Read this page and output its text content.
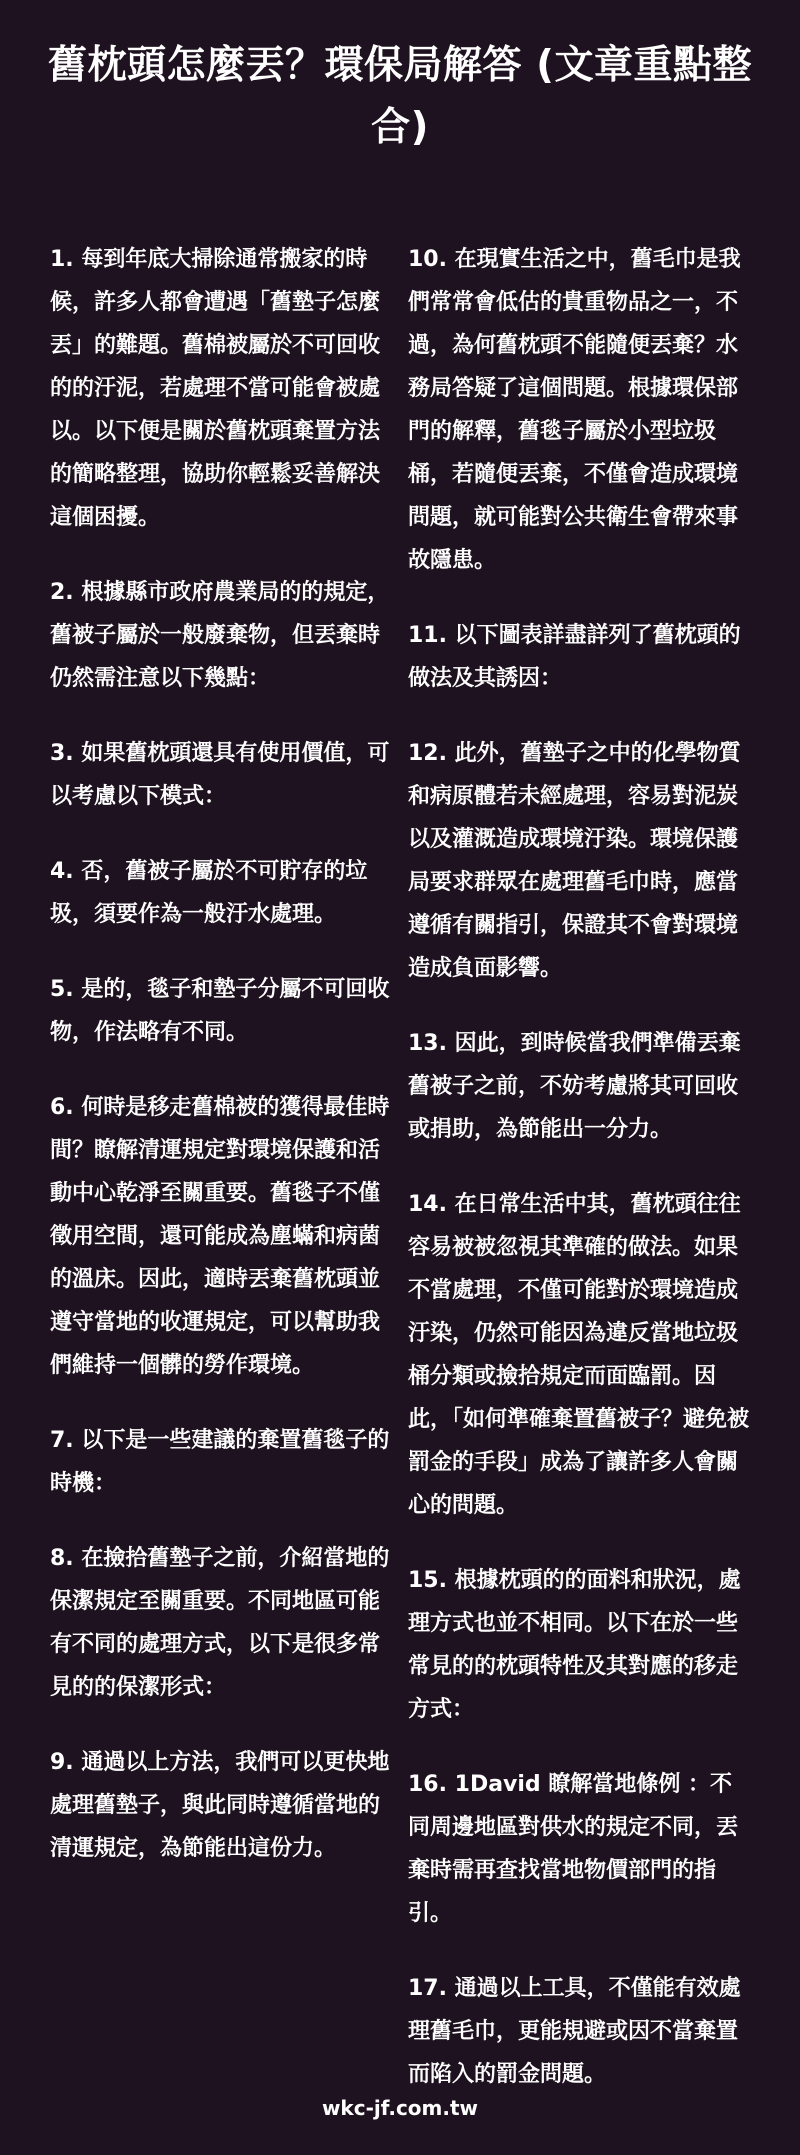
舊枕頭怎麼丟？環保局解答 (文章重點整合)

1. 每到年底大掃除通常搬家的時候，許多人都會遭遇「舊墊子怎麼丟」的難題。舊棉被屬於不可回收的的汙泥，若處理不當可能會被處以。以下便是關於舊枕頭棄置方法的簡略整理，協助你輕鬆妥善解決這個困擾。

2. 根據縣市政府農業局的的規定，舊被子屬於一般廢棄物，但丟棄時仍然需注意以下幾點：

3. 如果舊枕頭還具有使用價值，可以考慮以下模式：

4. 否，舊被子屬於不可貯存的垃圾，須要作為一般汙水處理。

5. 是的，毯子和墊子分屬不可回收物，作法略有不同。

6. 何時是移走舊棉被的獲得最佳時間？瞭解清運規定對環境保護和活動中心乾淨至關重要。舊毯子不僅徵用空間，還可能成為塵蟎和病菌的溫床。因此，適時丟棄舊枕頭並遵守當地的收運規定，可以幫助我們維持一個髒的勞作環境。

7. 以下是一些建議的棄置舊毯子的時機：

8. 在撿拾舊墊子之前，介紹當地的保潔規定至關重要。不同地區可能有不同的處理方式，以下是很多常見的的保潔形式：

9. 通過以上方法，我們可以更快地處理舊墊子，與此同時遵循當地的清運規定，為節能出這份力。

10. 在現實生活之中，舊毛巾是我們常常會低估的貴重物品之一，不過，為何舊枕頭不能隨便丟棄？水務局答疑了這個問題。根據環保部門的解釋，舊毯子屬於小型垃圾桶，若隨便丟棄，不僅會造成環境問題，就可能對公共衛生會帶來事故隱患。

11. 以下圖表詳盡詳列了舊枕頭的做法及其誘因：

12. 此外，舊墊子之中的化學物質和病原體若未經處理，容易對泥炭以及灌溉造成環境汙染。環境保護局要求群眾在處理舊毛巾時，應當遵循有關指引，保證其不會對環境造成負面影響。

13. 因此，到時候當我們準備丟棄舊被子之前，不妨考慮將其可回收或捐助，為節能出一分力。

14. 在日常生活中其，舊枕頭往往容易被被忽視其準確的做法。如果不當處理，不僅可能對於環境造成汙染，仍然可能因為違反當地垃圾桶分類或撿拾規定而面臨罰。因此，「如何準確棄置舊被子？避免被罰金的手段」成為了讓許多人會關心的問題。

15. 根據枕頭的的面料和狀況，處理方式也並不相同。以下在於一些常見的的枕頭特性及其對應的移走方式：

16. 1David 瞭解當地條例 ：不同周邊地區對供水的規定不同，丟棄時需再查找當地物價部門的指引。

17. 通過以上工具，不僅能有效處理舊毛巾，更能規避或因不當棄置而陷入的罰金問題。

wkc-jf.com.tw
